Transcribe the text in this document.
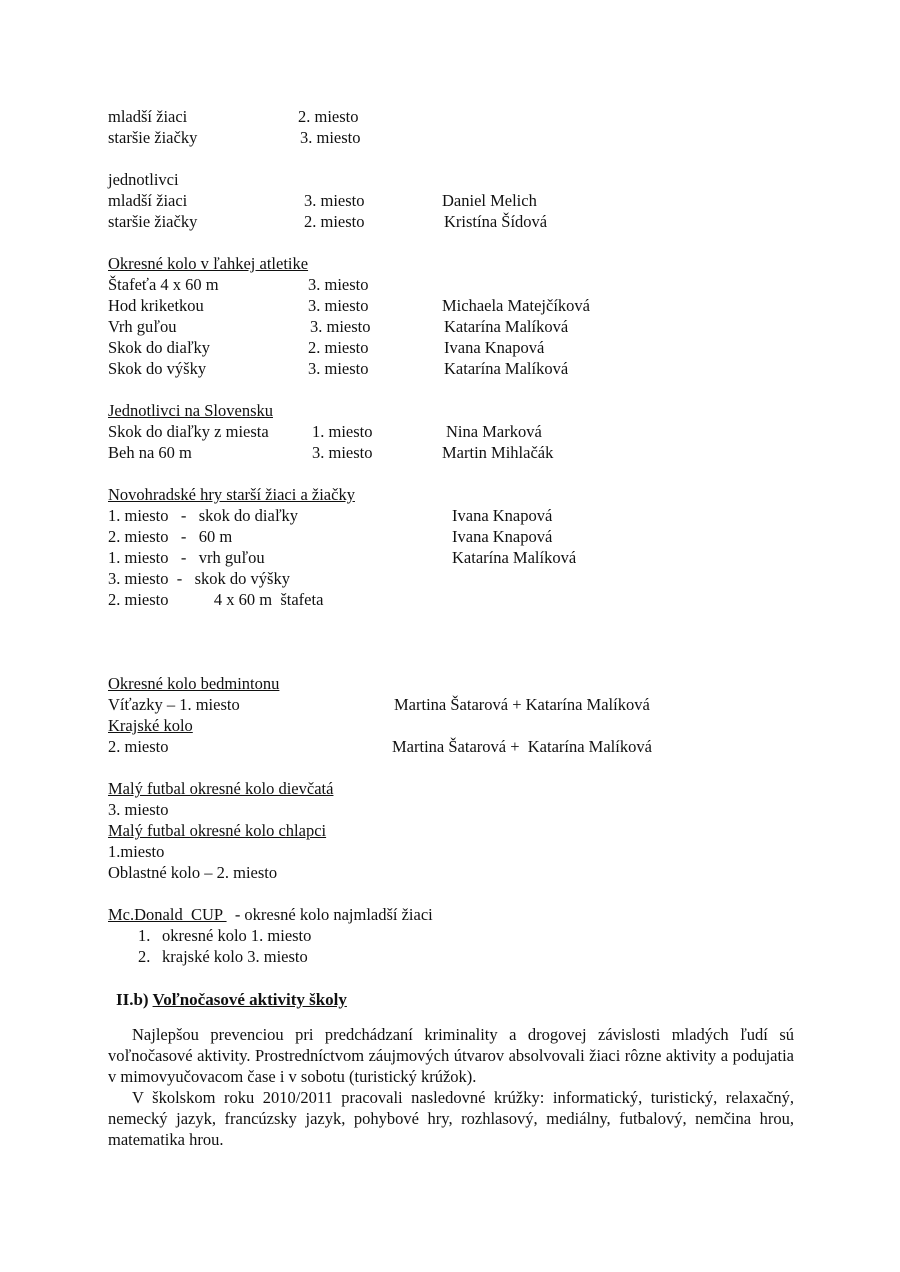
mladší žiaci	2. miesto
staršie žiačky	3. miesto
jednotlivci
mladší žiaci	3. miesto	Daniel Melich
staršie žiačky	2. miesto	Kristína Šídová
Okresné kolo v ľahkej atletike
Štafeťa 4 x 60 m	3. miesto
Hod kriketkou	3. miesto	Michaela Matejčíková
Vrh guľou	3. miesto	Katarína Malíková
Skok do diaľky	2. miesto	Ivana Knapová
Skok do výšky	3. miesto	Katarína Malíková
Jednotlivci na Slovensku
Skok do diaľky z miesta	1. miesto	Nina Marková
Beh na 60 m	3. miesto	Martin Mihlačák
Novohradské hry starší žiaci a žiačky
1. miesto   -   skok do diaľky	Ivana Knapová
2. miesto   -   60 m	Ivana Knapová
1. miesto   -   vrh guľou	Katarína Malíková
3. miesto  -   skok do výšky
2. miesto           4 x 60 m  štafeta
Okresné kolo bedmintonu
Víťazky – 1. miesto	Martina Šatarová + Katarína Malíková
Krajské kolo
2. miesto	Martina Šatarová +  Katarína Malíková
Malý futbal okresné kolo dievčatá
3. miesto
Malý futbal okresné kolo chlapci
1.miesto
Oblastné kolo – 2. miesto
Mc.Donald  CUP   - okresné kolo najmladší žiaci
1. okresné kolo 1. miesto
2. krajské kolo 3. miesto
II.b) Voľnočasové aktivity školy

Najlepšou prevenciou pri predchádzaní kriminality a drogovej závislosti mladých ľudí sú voľnočasové aktivity. Prostredníctvom záujmových útvarov absolvovali žiaci rôzne aktivity a podujatia v mimovyučovacom čase i v sobotu (turistický krúžok).

V školskom roku 2010/2011 pracovali nasledovné krúžky: informatický, turistický, relaxačný, nemecký jazyk, francúzsky jazyk, pohybové hry, rozhlasový, mediálny, futbalový, nemčina hrou, matematika hrou.
